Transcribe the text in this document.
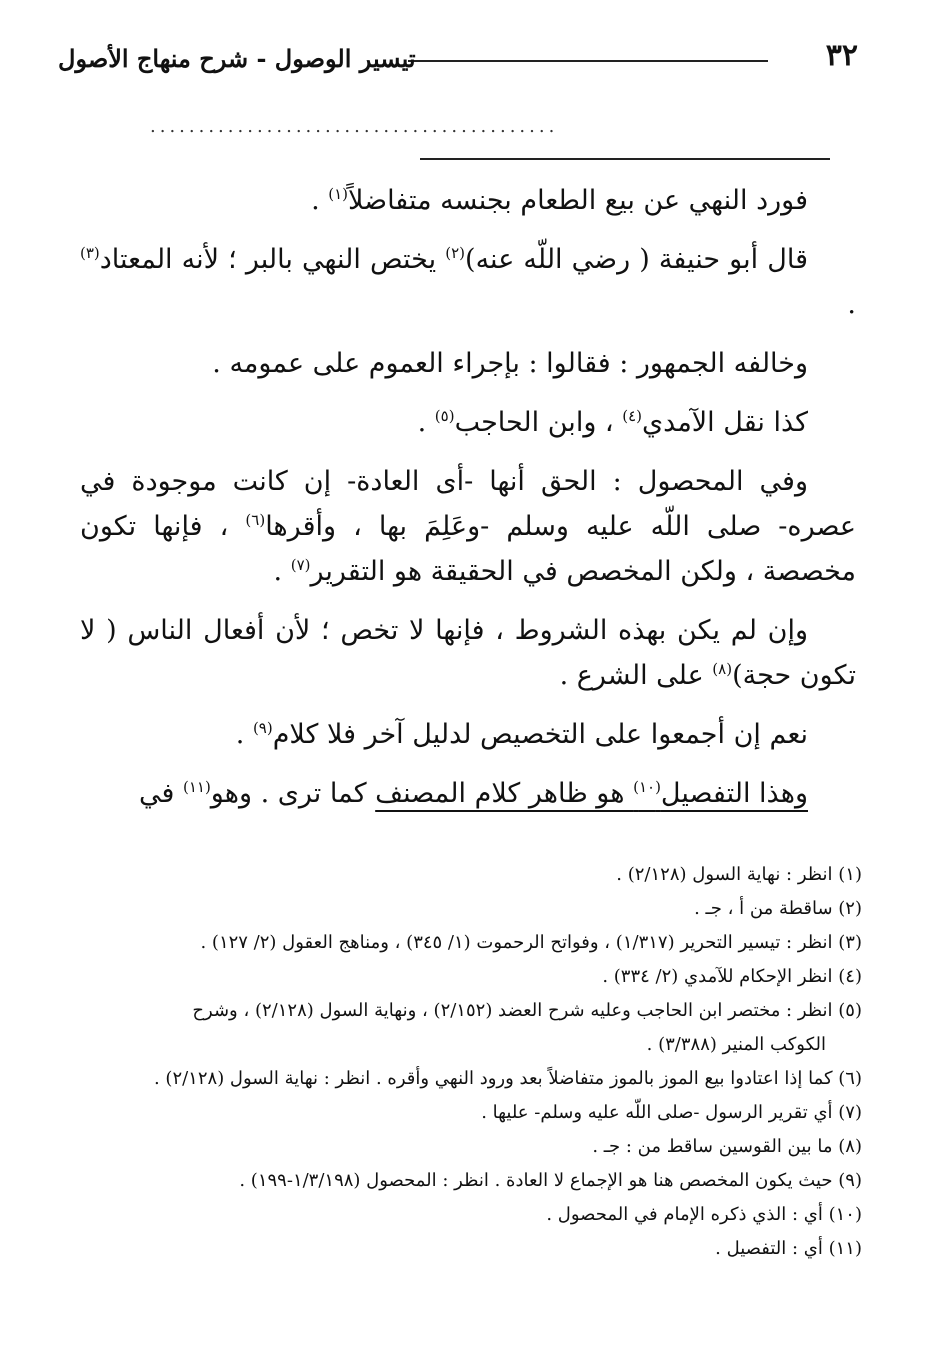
٣٢
تيسير الوصول - شرح منهاج الأصول
..........................................

فورد النهي عن بيع الطعام بجنسه متفاضلاً$^{(١)}$ .

قال أبو حنيفة ( رضي اللّه عنه)$^{(٢)}$ يختص النهي بالبر ؛ لأنه المعتاد$^{(٣)}$ .

وخالفه الجمهور : فقالوا : بإجراء العموم على عمومه .

كذا نقل الآمدي$^{(٤)}$ ، وابن الحاجب$^{(٥)}$ .

وفي المحصول : الحق أنها -أى العادة- إن كانت موجودة في عصره- صلى اللّه عليه وسلم -وعَلِمَ بها ، وأقرها$^{(٦)}$ ، فإنها تكون مخصصة ، ولكن المخصص في الحقيقة هو التقرير$^{(٧)}$ .

وإن لم يكن بهذه الشروط ، فإنها لا تخص ؛ لأن أفعال الناس ( لا تكون حجة)$^{(٨)}$ على الشرع .

نعم إن أجمعوا على التخصيص لدليل آخر فلا كلام$^{(٩)}$ .

وهذا التفصيل$^{(١٠)}$ هو ظاهر كلام المصنف كما ترى . وهو$^{(١١)}$ في

(١) انظر : نهاية السول (٢/١٢٨) .

(٢) ساقطة من أ ، جـ .

(٣) انظر : تيسير التحرير (١/٣١٧) ، وفواتح الرحموت (١/ ٣٤٥) ، ومناهج العقول (٢/ ١٢٧) .

(٤) انظر الإحكام للآمدي (٢/ ٣٣٤) .

(٥) انظر : مختصر ابن الحاجب وعليه شرح العضد (٢/١٥٢) ، ونهاية السول (٢/١٢٨) ، وشرح

الكوكب المنير (٣/٣٨٨) .

(٦) كما إذا اعتادوا بيع الموز بالموز متفاضلاً بعد ورود النهي وأقره . انظر : نهاية السول (٢/١٢٨) .

(٧) أي تقرير الرسول -صلى اللّه عليه وسلم- عليها .

(٨) ما بين القوسين ساقط من : جـ .

(٩) حيث يكون المخصص هنا هو الإجماع لا العادة . انظر : المحصول (١/٣/١٩٨-١٩٩) .

(١٠) أي : الذي ذكره الإمام في المحصول .

(١١) أي : التفصيل .
